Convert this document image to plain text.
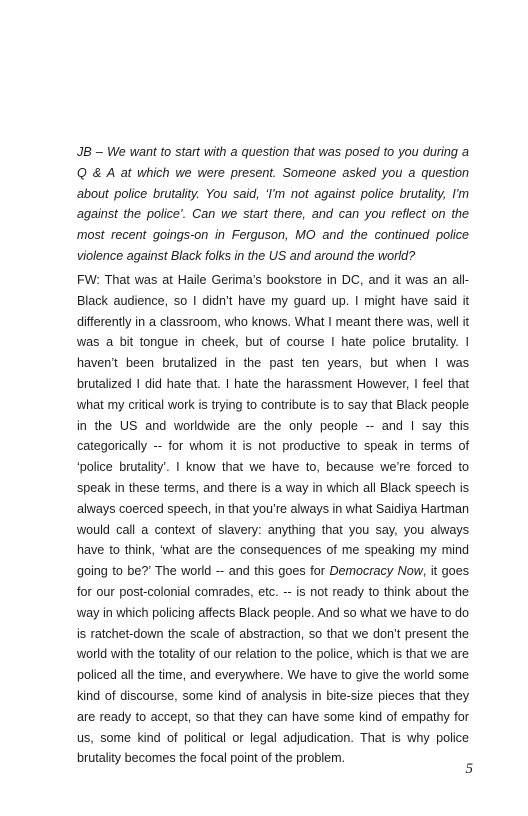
JB – We want to start with a question that was posed to you during a Q & A at which we were present. Someone asked you a question about police brutality. You said, ‘I’m not against police brutality, I’m against the police’. Can we start there, and can you reflect on the most recent goings-on in Ferguson, MO and the continued police violence against Black folks in the US and around the world?

FW: That was at Haile Gerima’s bookstore in DC, and it was an all-Black audience, so I didn’t have my guard up. I might have said it differently in a classroom, who knows. What I meant there was, well it was a bit tongue in cheek, but of course I hate police brutality. I haven’t been brutalized in the past ten years, but when I was brutalized I did hate that. I hate the harassment However, I feel that what my critical work is trying to contribute is to say that Black people in the US and worldwide are the only people -- and I say this categorically -- for whom it is not productive to speak in terms of ‘police brutality’. I know that we have to, because we’re forced to speak in these terms, and there is a way in which all Black speech is always coerced speech, in that you’re always in what Saidiya Hartman would call a context of slavery: anything that you say, you always have to think, ‘what are the consequences of me speaking my mind going to be?’ The world -- and this goes for Democracy Now, it goes for our post-colonial comrades, etc. -- is not ready to think about the way in which policing affects Black people. And so what we have to do is ratchet-down the scale of abstraction, so that we don’t present the world with the totality of our relation to the police, which is that we are policed all the time, and everywhere. We have to give the world some kind of discourse, some kind of analysis in bite-size pieces that they are ready to accept, so that they can have some kind of empathy for us, some kind of political or legal adjudication. That is why police brutality becomes the focal point of the problem.

5
